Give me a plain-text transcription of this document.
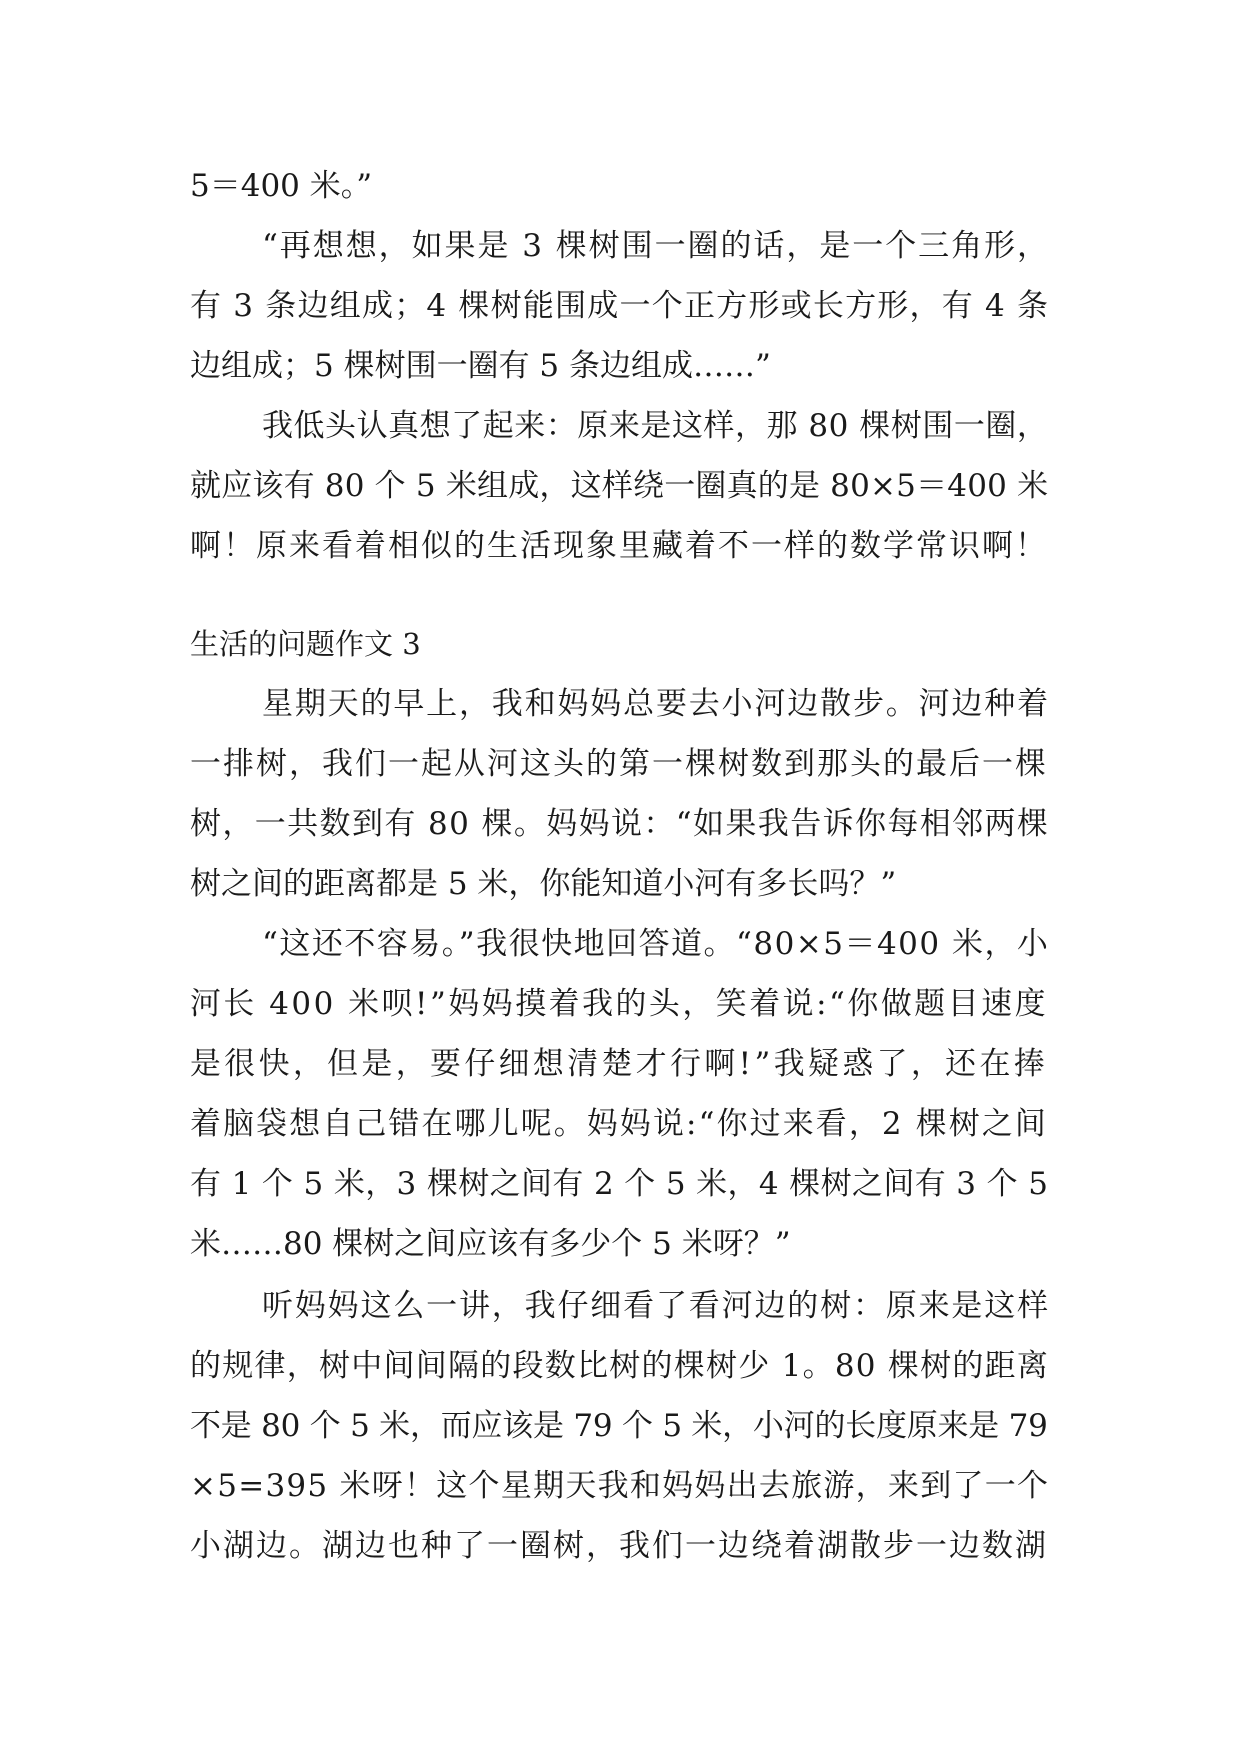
5＝400 米。”
“再想想，如果是 3 棵树围一圈的话，是一个三角形，
有 3 条边组成；4 棵树能围成一个正方形或长方形，有 4 条
边组成；5 棵树围一圈有 5 条边组成……”
我低头认真想了起来：原来是这样，那 80 棵树围一圈，
就应该有 80 个 5 米组成，这样绕一圈真的是 80×5＝400 米
啊！原来看着相似的生活现象里藏着不一样的数学常识啊！
生活的问题作文 3
星期天的早上，我和妈妈总要去小河边散步。河边种着
一排树，我们一起从河这头的第一棵树数到那头的最后一棵
树，一共数到有 80 棵。妈妈说：“如果我告诉你每相邻两棵
树之间的距离都是 5 米，你能知道小河有多长吗？”
“这还不容易。”我很快地回答道。“80×5＝400 米，小
河长 400 米呗!”妈妈摸着我的头，笑着说:“你做题目速度
是很快，但是，要仔细想清楚才行啊!”我疑惑了，还在捧
着脑袋想自己错在哪儿呢。妈妈说:“你过来看，2 棵树之间
有 1 个 5 米，3 棵树之间有 2 个 5 米，4 棵树之间有 3 个 5
米……80 棵树之间应该有多少个 5 米呀？”
听妈妈这么一讲，我仔细看了看河边的树：原来是这样
的规律，树中间间隔的段数比树的棵树少 1。80 棵树的距离
不是 80 个 5 米，而应该是 79 个 5 米，小河的长度原来是 79
×5=395 米呀！这个星期天我和妈妈出去旅游，来到了一个
小湖边。湖边也种了一圈树，我们一边绕着湖散步一边数湖
